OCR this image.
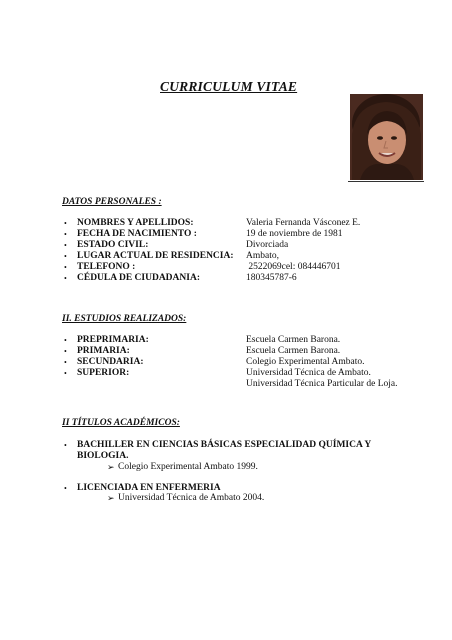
CURRICULUM VITAE
DATOS PERSONALES :
• NOMBRES Y APELLIDOS:	Valeria Fernanda Vásconez E.
• FECHA DE NACIMIENTO :	19 de noviembre de 1981
• ESTADO CIVIL:	Divorciada
• LUGAR ACTUAL DE RESIDENCIA: Ambato,
• TELEFONO :	2522069cel: 084446701
• CÉDULA DE CIUDADANIA:	180345787-6
II. ESTUDIOS REALIZADOS:
• PREPRIMARIA:	Escuela Carmen Barona.
• PRIMARIA:	Escuela Carmen Barona.
• SECUNDARIA:	Colegio Experimental Ambato.
• SUPERIOR:	Universidad Técnica de Ambato.
Universidad Técnica Particular de Loja.
II TÍTULOS ACADÉMICOS:
• BACHILLER EN CIENCIAS BÁSICAS ESPECIALIDAD QUÍMICA Y
BIOLOGIA.
➢ Colegio Experimental Ambato 1999.
• LICENCIADA EN ENFERMERIA
➢ Universidad Técnica de Ambato 2004.
